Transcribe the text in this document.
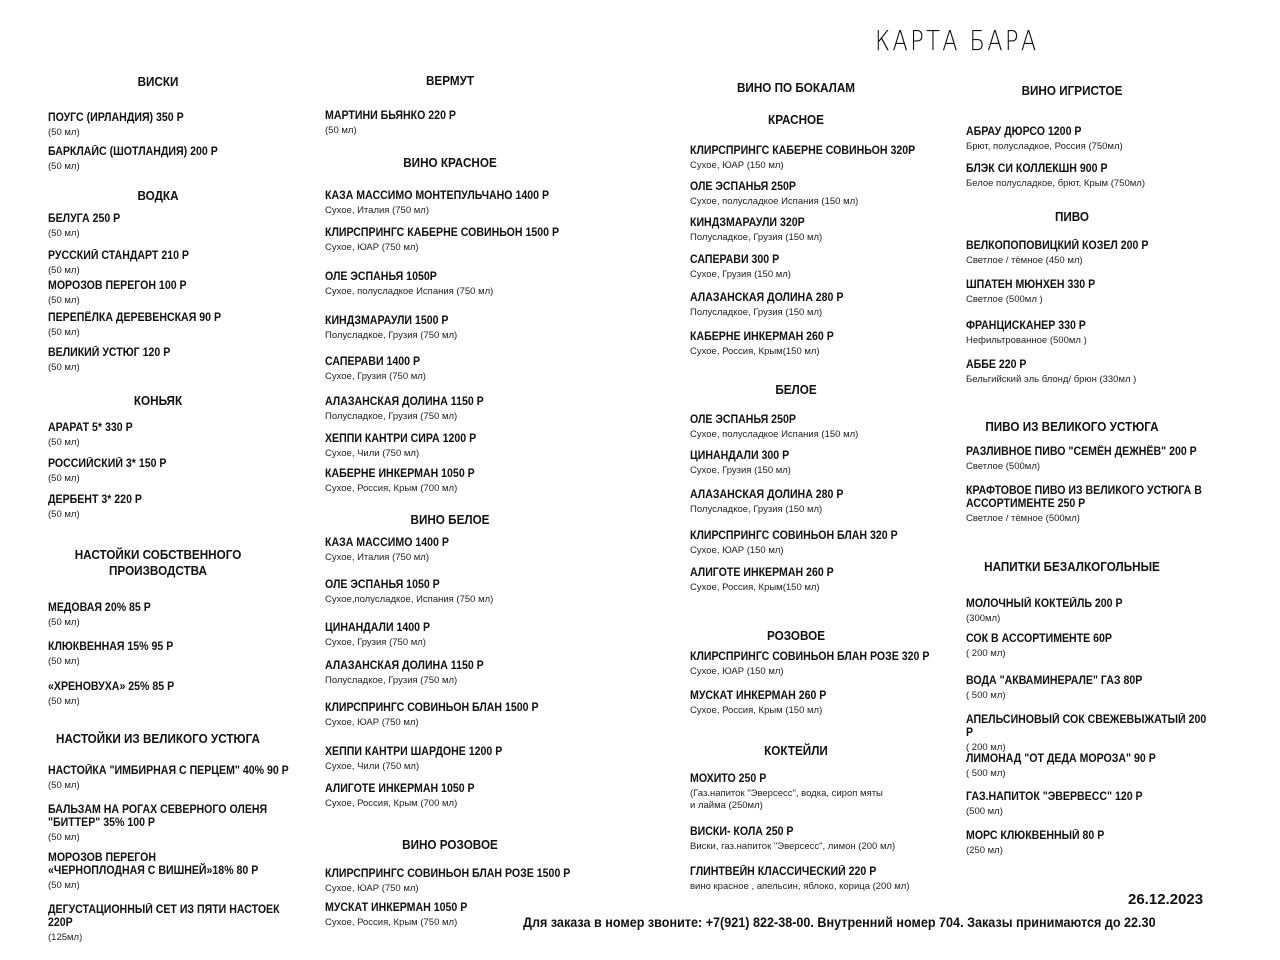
КАРТА БАРА
ВИСКИ
ПОУГС (ИРЛАНДИЯ) 350 Р
(50 мл)
БАРКЛАЙС (ШОТЛАНДИЯ) 200 Р
(50 мл)
ВОДКА
БЕЛУГА 250 Р
(50 мл)
РУССКИЙ СТАНДАРТ 210 Р
(50 мл)
МОРОЗОВ ПЕРЕГОН 100 Р
(50 мл)
ПЕРЕПЁЛКА ДЕРЕВЕНСКАЯ 90 Р
(50 мл)
ВЕЛИКИЙ УСТЮГ 120 Р
(50 мл)
КОНЬЯК
АРАРАТ 5* 330 Р
(50 мл)
РОССИЙСКИЙ 3* 150 Р
(50 мл)
ДЕРБЕНТ 3* 220 Р
(50 мл)
НАСТОЙКИ СОБСТВЕННОГО
ПРОИЗВОДСТВА
МЕДОВАЯ 20% 85 Р
(50 мл)
КЛЮКВЕННАЯ 15% 95 Р
(50 мл)
«ХРЕНОВУХА» 25% 85 Р
(50 мл)
НАСТОЙКИ ИЗ ВЕЛИКОГО УСТЮГА
НАСТОЙКА "ИМБИРНАЯ С ПЕРЦЕМ" 40% 90 Р
(50 мл)
БАЛЬЗАМ НА РОГАХ СЕВЕРНОГО ОЛЕНЯ
"БИТТЕР" 35% 100 Р
(50 мл)
МОРОЗОВ ПЕРЕГОН
«ЧЕРНОПЛОДНАЯ С ВИШНЕЙ»18% 80 Р
(50 мл)
ДЕГУСТАЦИОННЫЙ СЕТ ИЗ ПЯТИ НАСТОЕК 220Р
(125мл)
ВЕРМУТ
МАРТИНИ БЬЯНКО 220 Р
(50 мл)
ВИНО КРАСНОЕ
КАЗА МАССИМО МОНТЕПУЛЬЧАНО 1400 Р
Сухое, Италия (750 мл)
КЛИРСПРИНГС КАБЕРНЕ СОВИНЬОН 1500 Р
Сухое, ЮАР (750 мл)
ОЛЕ ЭСПАНЬЯ 1050Р
Сухое, полусладкое Испания (750 мл)
КИНДЗМАРАУЛИ 1500 Р
Полусладкое, Грузия (750 мл)
САПЕРАВИ 1400 Р
Сухое, Грузия (750 мл)
АЛАЗАНСКАЯ ДОЛИНА 1150 Р
Полусладкое, Грузия (750 мл)
ХЕППИ КАНТРИ СИРА 1200 Р
Сухое, Чили (750 мл)
КАБЕРНЕ ИНКЕРМАН 1050 Р
Сухое, Россия, Крым (700 мл)
ВИНО БЕЛОЕ
КАЗА МАССИМО 1400 Р
Сухое, Италия (750 мл)
ОЛЕ ЭСПАНЬЯ 1050 Р
Сухое,полусладкое, Испания (750 мл)
ЦИНАНДАЛИ 1400 Р
Сухое, Грузия (750 мл)
АЛАЗАНСКАЯ ДОЛИНА 1150 Р
Полусладкое, Грузия (750 мл)
КЛИРСПРИНГС СОВИНЬОН БЛАН 1500 Р
Сухое, ЮАР (750 мл)
ХЕППИ КАНТРИ ШАРДОНЕ 1200 Р
Сухое, Чили (750 мл)
АЛИГОТЕ ИНКЕРМАН 1050 Р
Сухое, Россия, Крым (700 мл)
ВИНО РОЗОВОЕ
КЛИРСПРИНГС СОВИНЬОН БЛАН РОЗЕ 1500 Р
Сухое, ЮАР (750 мл)
МУСКАТ ИНКЕРМАН 1050 Р
Сухое, Россия, Крым (750 мл)
ВИНО ПО БОКАЛАМ
КРАСНОЕ
КЛИРСПРИНГС КАБЕРНЕ СОВИНЬОН 320Р
Сухое, ЮАР (150 мл)
ОЛЕ ЭСПАНЬЯ 250Р
Сухое, полусладкое Испания (150 мл)
КИНДЗМАРАУЛИ 320Р
Полусладкое, Грузия (150 мл)
САПЕРАВИ 300 Р
Сухое, Грузия (150 мл)
АЛАЗАНСКАЯ ДОЛИНА 280 Р
Полусладкое, Грузия (150 мл)
КАБЕРНЕ ИНКЕРМАН 260 Р
Сухое, Россия, Крым(150 мл)
БЕЛОЕ
ОЛЕ ЭСПАНЬЯ 250Р
Сухое, полусладкое Испания (150 мл)
ЦИНАНДАЛИ 300 Р
Сухое, Грузия (150 мл)
АЛАЗАНСКАЯ ДОЛИНА 280 Р
Полусладкое, Грузия (150 мл)
КЛИРСПРИНГС СОВИНЬОН БЛАН 320 Р
Сухое, ЮАР (150 мл)
АЛИГОТЕ ИНКЕРМАН 260 Р
Сухое, Россия, Крым(150 мл)
РОЗОВОЕ
КЛИРСПРИНГС СОВИНЬОН БЛАН РОЗЕ 320 Р
Сухое, ЮАР (150 мл)
МУСКАТ ИНКЕРМАН 260 Р
Сухое, Россия, Крым (150 мл)
КОКТЕЙЛИ
МОХИТО 250 Р
(Газ.напиток "Эверсесс", водка, сироп мяты
и лайма (250мл)
ВИСКИ- КОЛА 250 Р
Виски, газ.напиток "Эверсесс", лимон (200 мл)
ГЛИНТВЕЙН КЛАССИЧЕСКИЙ 220 Р
вино красное , апельсин, яблоко, корица (200 мл)
ВИНО ИГРИСТОЕ
АБРАУ ДЮРСО 1200 Р
Брют, полусладкое, Россия (750мл)
БЛЭК СИ КОЛЛЕКШН 900 Р
Белое полусладкое, брют, Крым (750мл)
ПИВО
ВЕЛКОПОПОВИЦКИЙ КОЗЕЛ 200 Р
Светлое / тёмное (450 мл)
ШПАТЕН МЮНХЕН 330 Р
Светлое (500мл )
ФРАНЦИСКАНЕР 330 Р
Нефильтрованное (500мл )
АББЕ 220 Р
Бельгийский эль блонд/ брюн (330мл )
ПИВО ИЗ ВЕЛИКОГО УСТЮГА
РАЗЛИВНОЕ ПИВО "СЕМЁН ДЕЖНЁВ" 200 Р
Светлое (500мл)
КРАФТОВОЕ ПИВО ИЗ ВЕЛИКОГО УСТЮГА В
АССОРТИМЕНТЕ 250 Р
Светлое / тёмное (500мл)
НАПИТКИ БЕЗАЛКОГОЛЬНЫЕ
МОЛОЧНЫЙ КОКТЕЙЛЬ 200 Р
(300мл)
СОК В АССОРТИМЕНТЕ 60Р
( 200 мл)
ВОДА "АКВАМИНЕРАЛЕ" ГАЗ 80Р
( 500 мл)
АПЕЛЬСИНОВЫЙ СОК СВЕЖЕВЫЖАТЫЙ 200 Р
( 200 мл)
ЛИМОНАД "ОТ ДЕДА МОРОЗА" 90 Р
( 500 мл)
ГАЗ.НАПИТОК "ЭВЕРВЕСС" 120 Р
(500 мл)
МОРС КЛЮКВЕННЫЙ 80 Р
(250 мл)
26.12.2023
Для заказа в номер звоните: +7(921) 822-38-00. Внутренний номер 704. Заказы принимаются до 22.30
